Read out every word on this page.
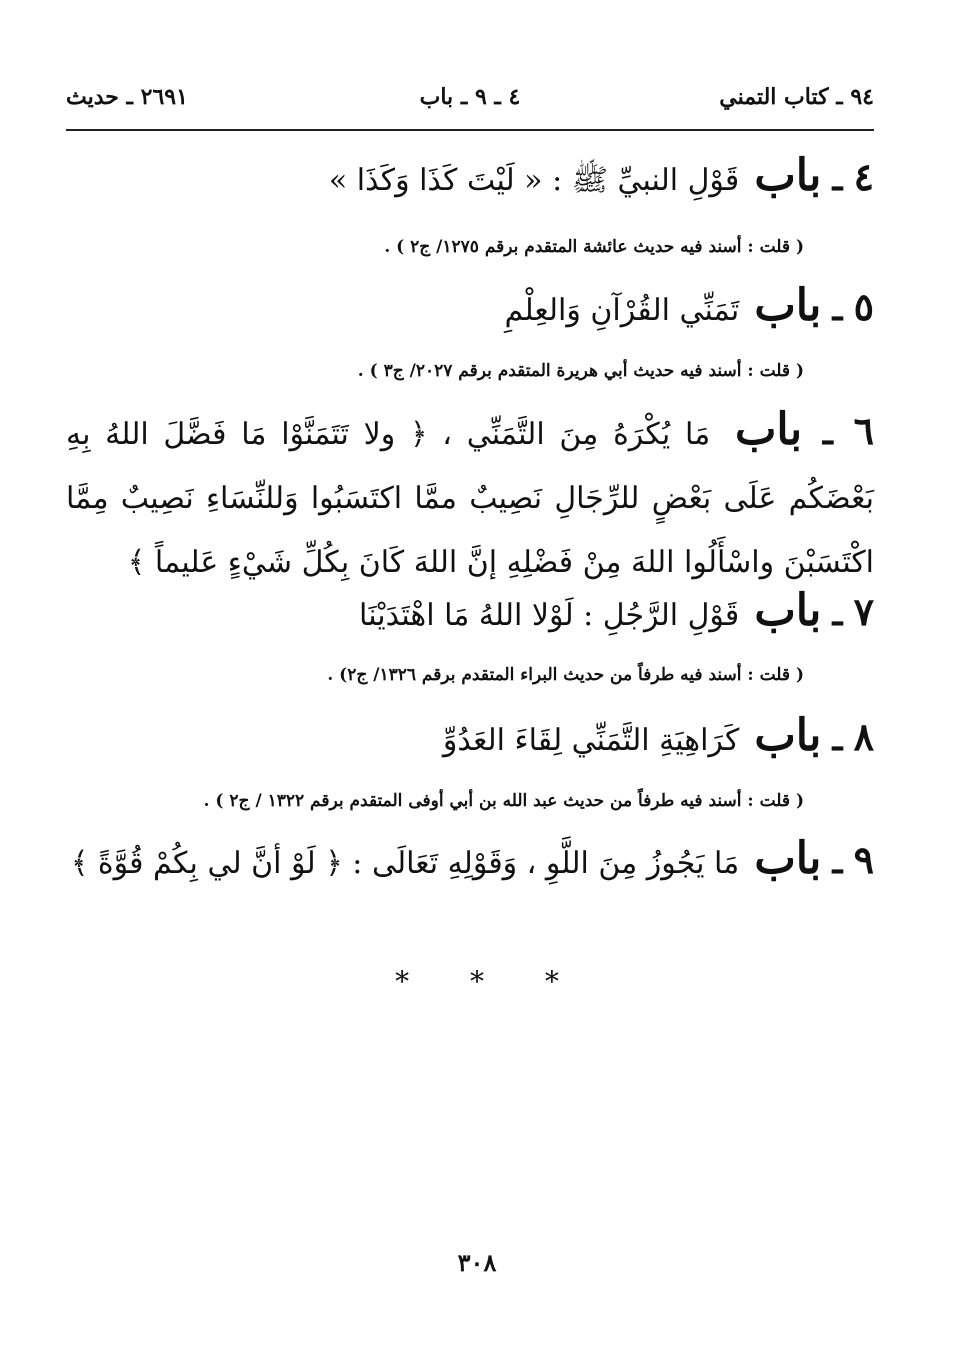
٩٤ ـ كتاب التمني
٤ ـ ٩ ـ باب
٢٦٩١ ـ حديث
٤ ـ باب قَوْلِ النبيِّ ﷺ : « لَيْتَ كَذَا وَكَذَا »
( قلت : أسند فيه حديث عائشة المتقدم برقم ١٢٧٥/ ج٢ ) .
٥ ـ باب تَمَنِّي القُرْآنِ وَالعِلْمِ
( قلت : أسند فيه حديث أبي هريرة المتقدم برقم ٢٠٢٧/ ج٣ ) .
٦ ـ باب مَا يُكْرَهُ مِنَ التَّمَنِّي ، ﴿ ولا تَتَمَنَّوْا مَا فَضَّلَ اللهُ بِهِ بَعْضَكُم عَلَى بَعْضٍ للرِّجَالِ نَصِيبٌ ممَّا اكتَسَبُوا وَللنِّسَاءِ نَصِيبٌ مِمَّا اكْتَسَبْنَ واسْأَلُوا اللهَ مِنْ فَضْلِهِ إنَّ اللهَ كَانَ بِكُلِّ شَيْءٍ عَليماً ﴾
٧ ـ باب قَوْلِ الرَّجُلِ : لَوْلا اللهُ مَا اهْتَدَيْنَا
( قلت : أسند فيه طرفاً من حديث البراء المتقدم برقم ١٣٢٦/ ج٢) .
٨ ـ باب كَرَاهِيَةِ التَّمَنِّي لِقَاءَ العَدُوِّ
( قلت : أسند فيه طرفاً من حديث عبد الله بن أبي أوفى المتقدم برقم ١٣٢٢ / ج٢ ) .
٩ ـ باب مَا يَجُوزُ مِنَ اللَّوِ ، وَقَوْلِهِ تَعَالَى : ﴿ لَوْ أنَّ لي بِكُمْ قُوَّةً ﴾
* * *
٣٠٨
